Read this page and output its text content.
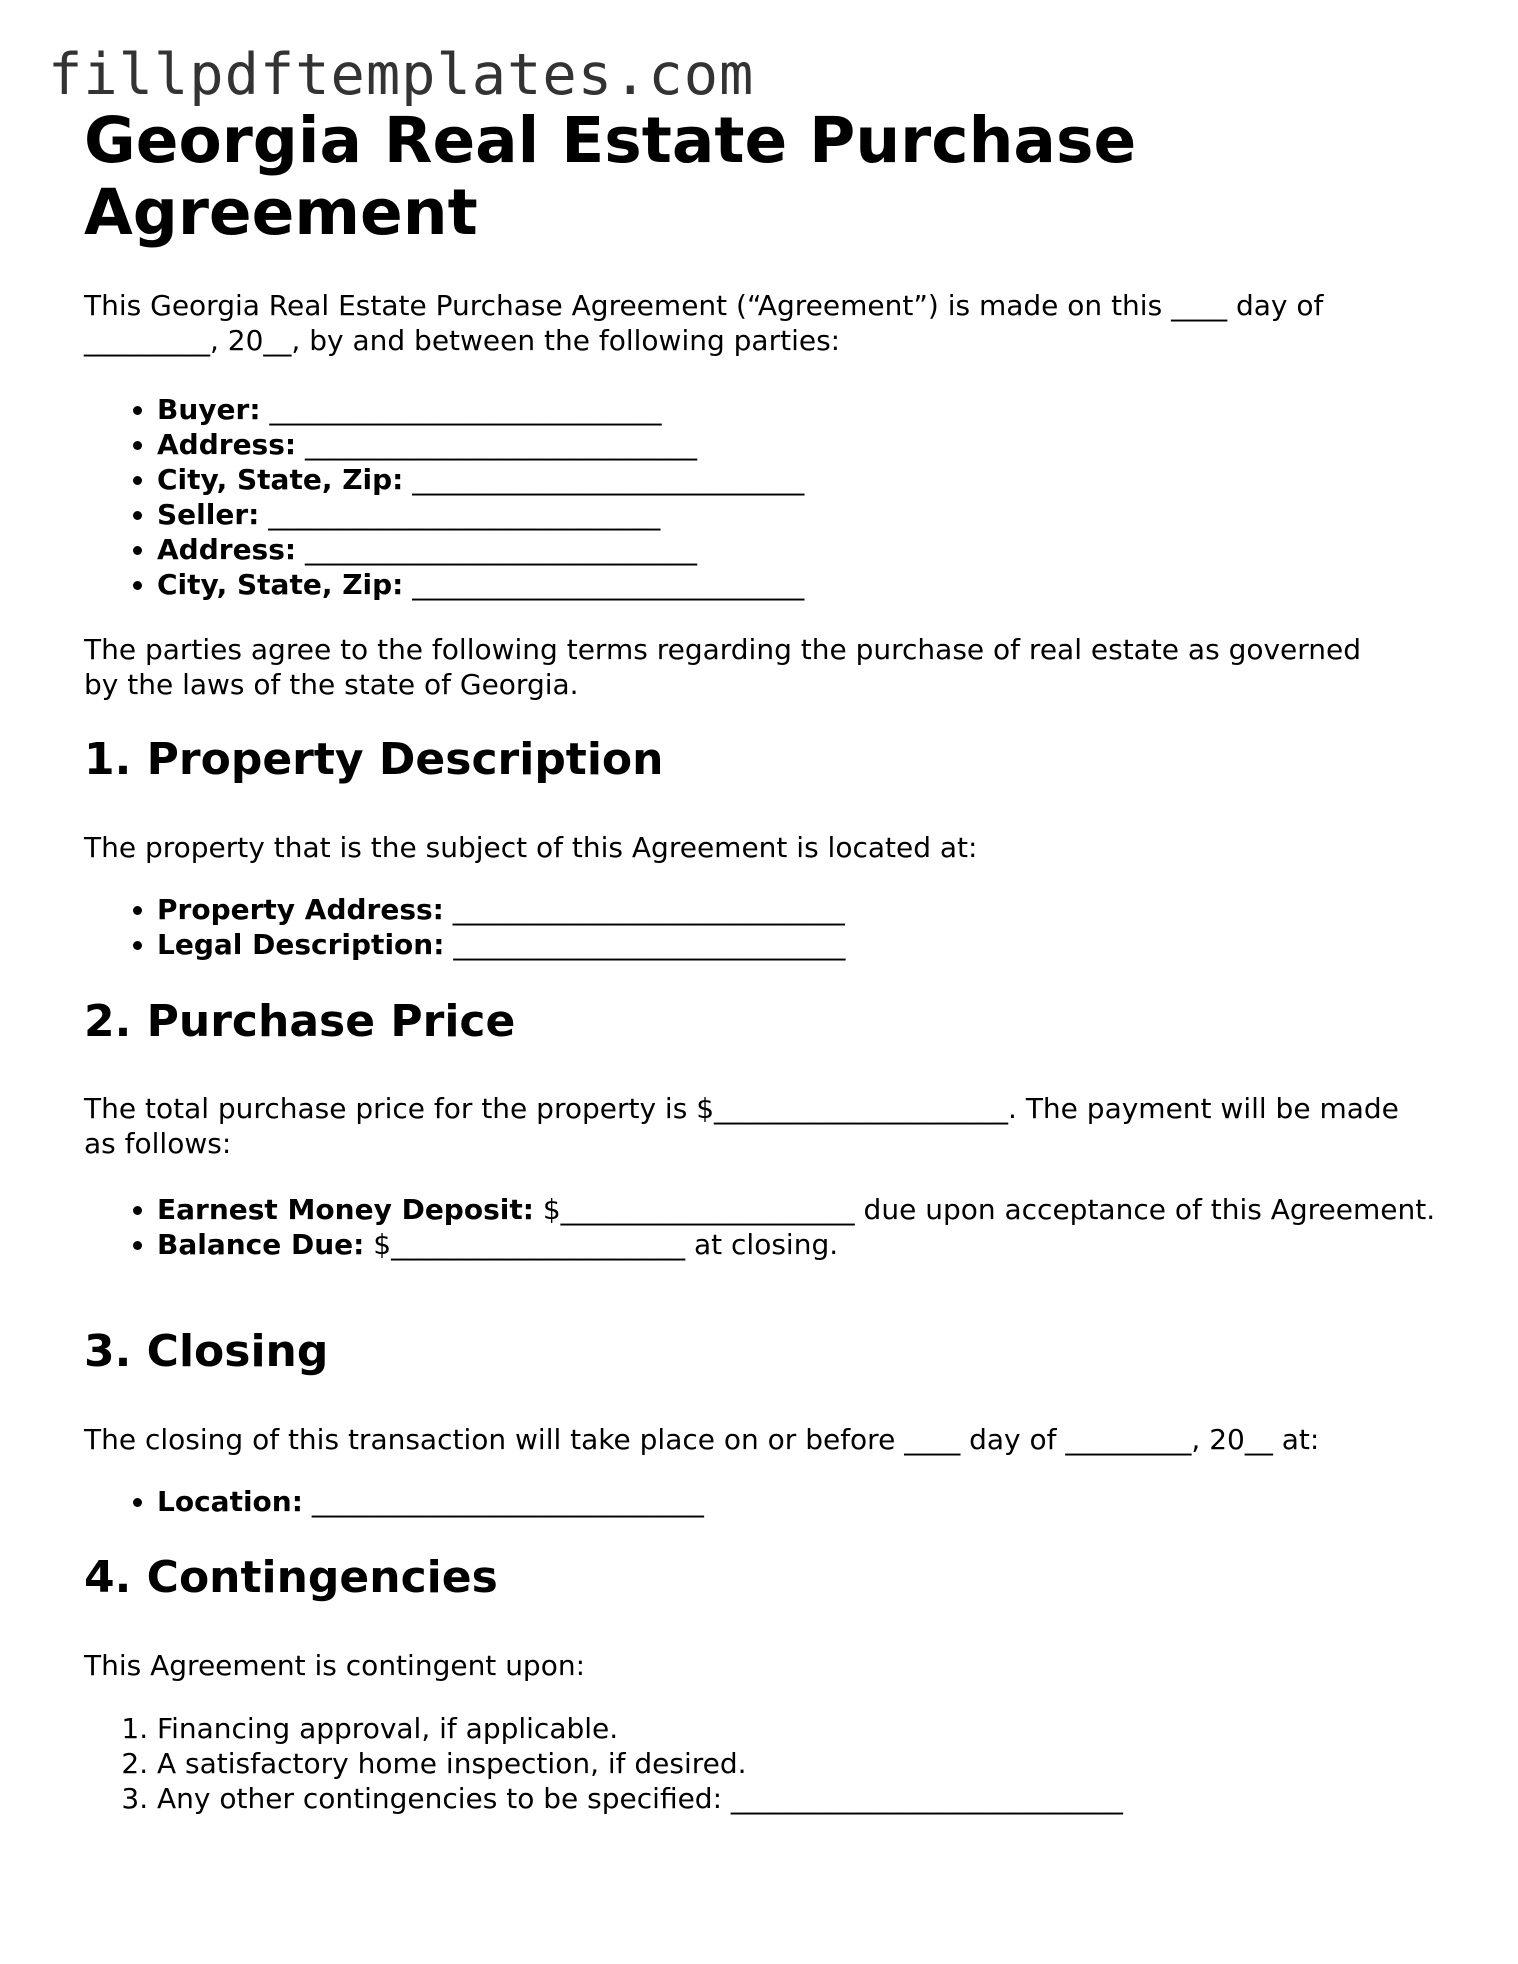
fillpdftemplates.com
Georgia Real Estate Purchase Agreement

This Georgia Real Estate Purchase Agreement (“Agreement”) is made on this ____ day of _________, 20__, by and between the following parties:

• Buyer: ____________________________
• Address: ____________________________
• City, State, Zip: ____________________________
• Seller: ____________________________
• Address: ____________________________
• City, State, Zip: ____________________________

The parties agree to the following terms regarding the purchase of real estate as governed by the laws of the state of Georgia.

1. Property Description

The property that is the subject of this Agreement is located at:

• Property Address: ____________________________
• Legal Description: ____________________________
2. Purchase Price

The total purchase price for the property is $_____________________. The payment will be made as follows:

• Earnest Money Deposit: $_____________________ due upon acceptance of this Agreement.
• Balance Due: $_____________________ at closing.
3. Closing

The closing of this transaction will take place on or before ____ day of _________, 20__ at:

• Location: ____________________________
4. Contingencies

This Agreement is contingent upon:

1. Financing approval, if applicable.
2. A satisfactory home inspection, if desired.
3. Any other contingencies to be specified: ____________________________
